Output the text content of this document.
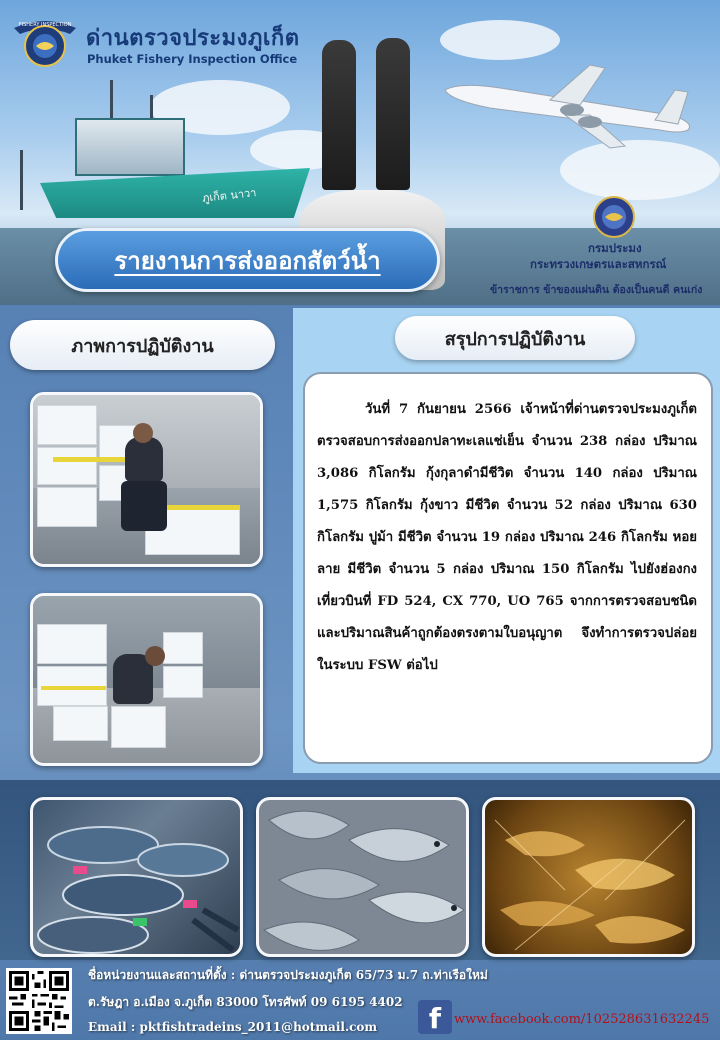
ภูเก็ต นาวา
FISHERY INSPECTION
ด่านตรวจประมงภูเก็ต
Phuket Fishery Inspection Office
รายงานการส่งออกสัตว์น้ำ	กรมประมง
กระทรวงเกษตรและสหกรณ์
ข้าราชการ ข้าของแผ่นดิน ต้องเป็นคนดี คนเก่ง
ภาพการปฏิบัติงาน	สรุปการปฏิบัติงาน

วันที่ 7 กันยายน 2566 เจ้าหน้าที่ด่านตรวจประมงภูเก็ต ตรวจสอบการส่งออกปลาทะเลแช่เย็น จำนวน 238 กล่อง ปริมาณ 3,086 กิโลกรัม กุ้งกุลาดำมีชีวิต จำนวน 140 กล่อง ปริมาณ 1,575 กิโลกรัม กุ้งขาว มีชีวิต จำนวน 52 กล่อง ปริมาณ 630 กิโลกรัม ปูม้า มีชีวิต จำนวน 19 กล่อง ปริมาณ 246 กิโลกรัม หอยลาย มีชีวิต จำนวน 5 กล่อง ปริมาณ 150 กิโลกรัม ไปยังฮ่องกง เที่ยวบินที่ FD 524, CX 770, UO 765 จากการตรวจสอบชนิด และปริมาณสินค้าถูกต้องตรงตามใบอนุญาต จึงทำการตรวจปล่อยในระบบ FSW ต่อไป

ชื่อหน่วยงานและสถานที่ตั้ง : ด่านตรวจประมงภูเก็ต 65/73 ม.7 ถ.ท่าเรือใหม่
ต.รัษฎา อ.เมือง จ.ภูเก็ต 83000 โทรศัพท์ 09 6195 4402
Email : pktfishtradeins_2011@hotmail.com	f www.facebook.com/102528631632245
